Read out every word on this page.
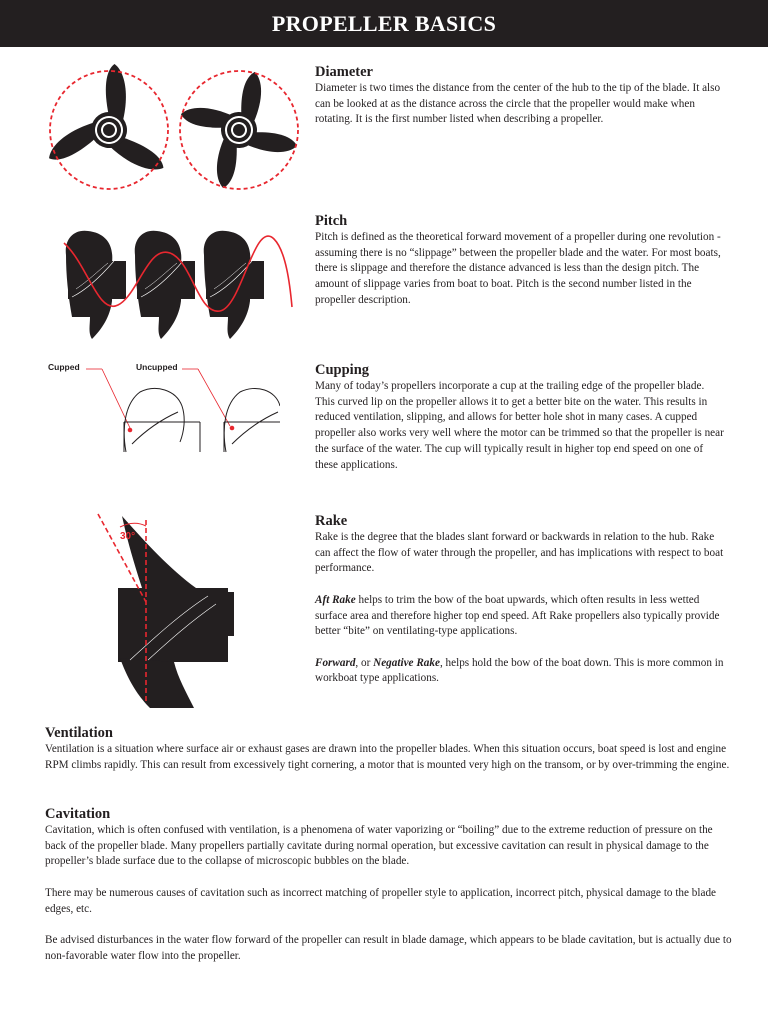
PROPELLER BASICS
Cupped	Uncupped
30°
Diameter

Diameter is two times the distance from the center of the hub to the tip of the blade. It also can be looked at as the distance across the circle that the propeller would make when rotating. It is the first number listed when describing a propeller.

Pitch

Pitch is defined as the theoretical forward movement of a propeller during one revolution - assuming there is no “slippage” between the propeller blade and the water. For most boats, there is slippage and therefore the distance advanced is less than the design pitch. The amount of slippage varies from boat to boat. Pitch is the second number listed in the propeller description.

Cupping

Many of today’s propellers incorporate a cup at the trailing edge of the propeller blade. This curved lip on the propeller allows it to get a better bite on the water. This results in reduced ventilation, slipping, and allows for better hole shot in many cases. A cupped propeller also works very well where the motor can be trimmed so that the propeller is near the surface of the water. The cup will typically result in higher top end speed on one of these applications.

Rake

Rake is the degree that the blades slant forward or backwards in relation to the hub. Rake can affect the flow of water through the propeller, and has implications with respect to boat performance.

Aft Rake helps to trim the bow of the boat upwards, which often results in less wetted surface area and therefore higher top end speed. Aft Rake propellers also typically provide better “bite” on ventilating-type applications.

Forward, or Negative Rake, helps hold the bow of the boat down. This is more common in workboat type applications.

Ventilation

Ventilation is a situation where surface air or exhaust gases are drawn into the propeller blades. When this situation occurs, boat speed is lost and engine RPM climbs rapidly. This can result from excessively tight cornering, a motor that is mounted very high on the transom, or by over-trimming the engine.

Cavitation

Cavitation, which is often confused with ventilation, is a phenomena of water vaporizing or “boiling” due to the extreme reduction of pressure on the back of the propeller blade. Many propellers partially cavitate during normal operation, but excessive cavitation can result in physical damage to the propeller’s blade surface due to the collapse of microscopic bubbles on the blade.

There may be numerous causes of cavitation such as incorrect matching of propeller style to application, incorrect pitch, physical damage to the blade edges, etc.

Be advised disturbances in the water flow forward of the propeller can result in blade damage, which appears to be blade cavitation, but is actually due to non-favorable water flow into the propeller.
